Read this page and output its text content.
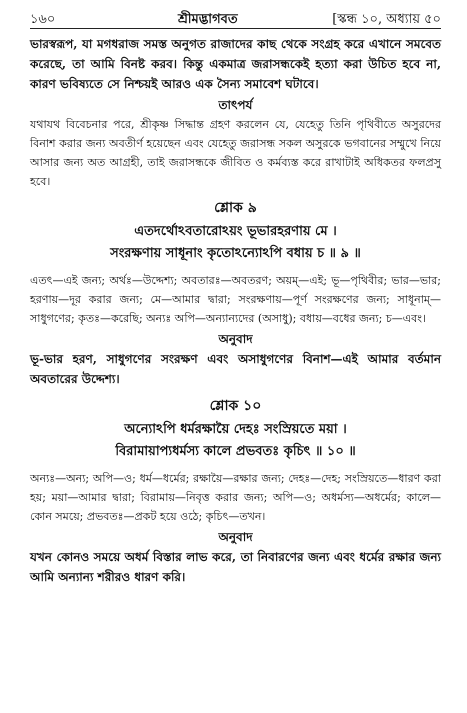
১৬০	শ্রীমদ্ভাগবত	[স্কন্ধ ১০, অধ্যায় ৫০

ভারস্বরূপ, যা মগধরাজ সমস্ত অনুগত রাজাদের কাছ থেকে সংগ্রহ করে এখানে সমবেত করেছে, তা আমি বিনষ্ট করব। কিন্তু একমাত্র জরাসন্ধকেই হত্যা করা উচিত হবে না, কারণ ভবিষ্যতে সে নিশ্চয়ই আরও এক সৈন্য সমাবেশ ঘটাবে।

তাৎপর্য

যথাযথ বিবেচনার পরে, শ্রীকৃষ্ণ সিদ্ধান্ত গ্রহণ করলেন যে, যেহেতু তিনি পৃথিবীতে অসুরদের বিনাশ করার জন্য অবতীর্ণ হয়েছেন এবং যেহেতু জরাসন্ধ সকল অসুরকে ভগবানের সম্মুখে নিয়ে আসার জন্য অত আগ্রহী, তাই জরাসন্ধকে জীবিত ও কর্মব্যস্ত করে রাখাটাই অধিকতর ফলপ্রসু হবে।

শ্লোক ৯
এতদর্থোঽবতারোঽয়ং ভূভারহরণায় মে ।
সংরক্ষণায় সাধূনাং কৃতোঽন্যোঽপি বধায় চ ॥ ৯ ॥

এতৎ—এই জন্য; অর্থঃ—উদ্দেশ্য; অবতারঃ—অবতরণ; অয়ম্—এই; ভূ—পৃথিবীর; ভার—ভার; হরণায়—দূর করার জন্য; মে—আমার দ্বারা; সংরক্ষণায়—পূর্ণ সংরক্ষণের জন্য; সাধূনাম্—সাধুগণের; কৃতঃ—করেছি; অন্যঃ অপি—অন্যান্যদের (অসাধু); বধায়—বধের জন্য; চ—এবং।

অনুবাদ

ভূ-ভার হরণ, সাধুগণের সংরক্ষণ এবং অসাধুগণের বিনাশ—এই আমার বর্তমান অবতারের উদ্দেশ্য।

শ্লোক ১০
অন্যোঽপি ধর্মরক্ষায়ৈ দেহঃ সংস্রিয়তে ময়া ।
বিরামায়াপ্যধর্মস্য কালে প্রভবতঃ কৃচিৎ ॥ ১০ ॥

অন্যঃ—অন্য; অপি—ও; ধর্ম—ধর্মের; রক্ষায়ৈ—রক্ষার জন্য; দেহঃ—দেহ; সংস্রিয়তে—ধারণ করা হয়; ময়া—আমার দ্বারা; বিরামায়—নিবৃত্ত করার জন্য; অপি—ও; অধর্মস্য—অধর্মের; কালে—কোন সময়ে; প্রভবতঃ—প্রকট হয়ে ওঠে; কৃচিৎ—তখন।

অনুবাদ

যখন কোনও সময়ে অধর্ম বিস্তার লাভ করে, তা নিবারণের জন্য এবং ধর্মের রক্ষার জন্য আমি অন্যান্য শরীরও ধারণ করি।
